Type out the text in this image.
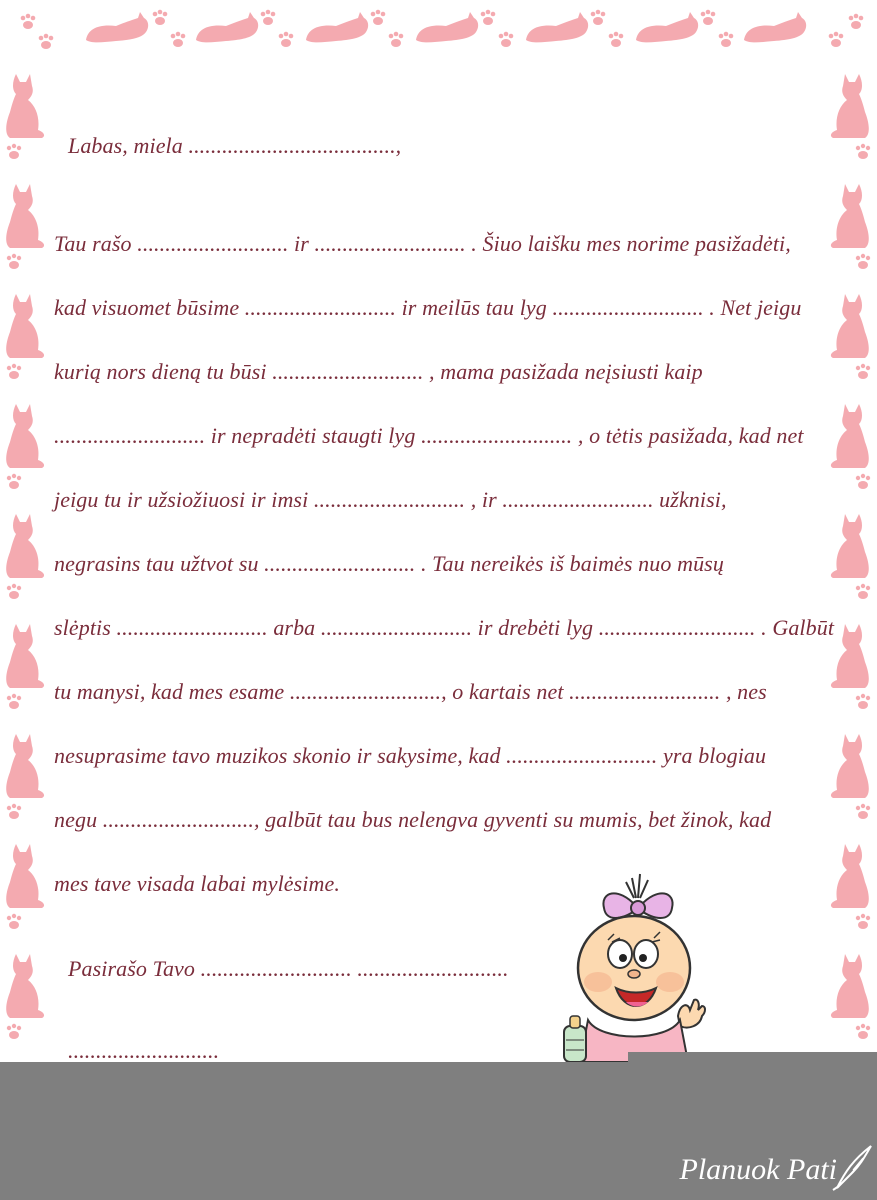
Labas, miela .....................................,
Tau rašo ........................... ir ........................... . Šiuo laišku mes norime pasižadėti,
kad visuomet būsime ........................... ir meilūs tau lyg ........................... . Net jeigu
kurią nors dieną tu būsi ........................... , mama pasižada neįsiusti kaip
........................... ir nepradėti staugti lyg ........................... , o tėtis pasižada, kad net
jeigu tu ir užsiožiuosi ir imsi ........................... , ir ........................... užknisi,
negrasins tau užtvot su ........................... . Tau nereikės iš baimės nuo mūsų
slėptis ........................... arba ........................... ir drebėti lyg ............................ . Galbūt
tu manysi, kad mes esame ..........................., o kartais net ........................... , nes
nesuprasime tavo muzikos skonio ir sakysime, kad ........................... yra blogiau
negu ..........................., galbūt tau bus nelengva gyventi su mumis, bet žinok, kad
mes tave visada labai mylėsime.
Pasirašo Tavo ........................... ...........................
...........................
Planuok Pati
